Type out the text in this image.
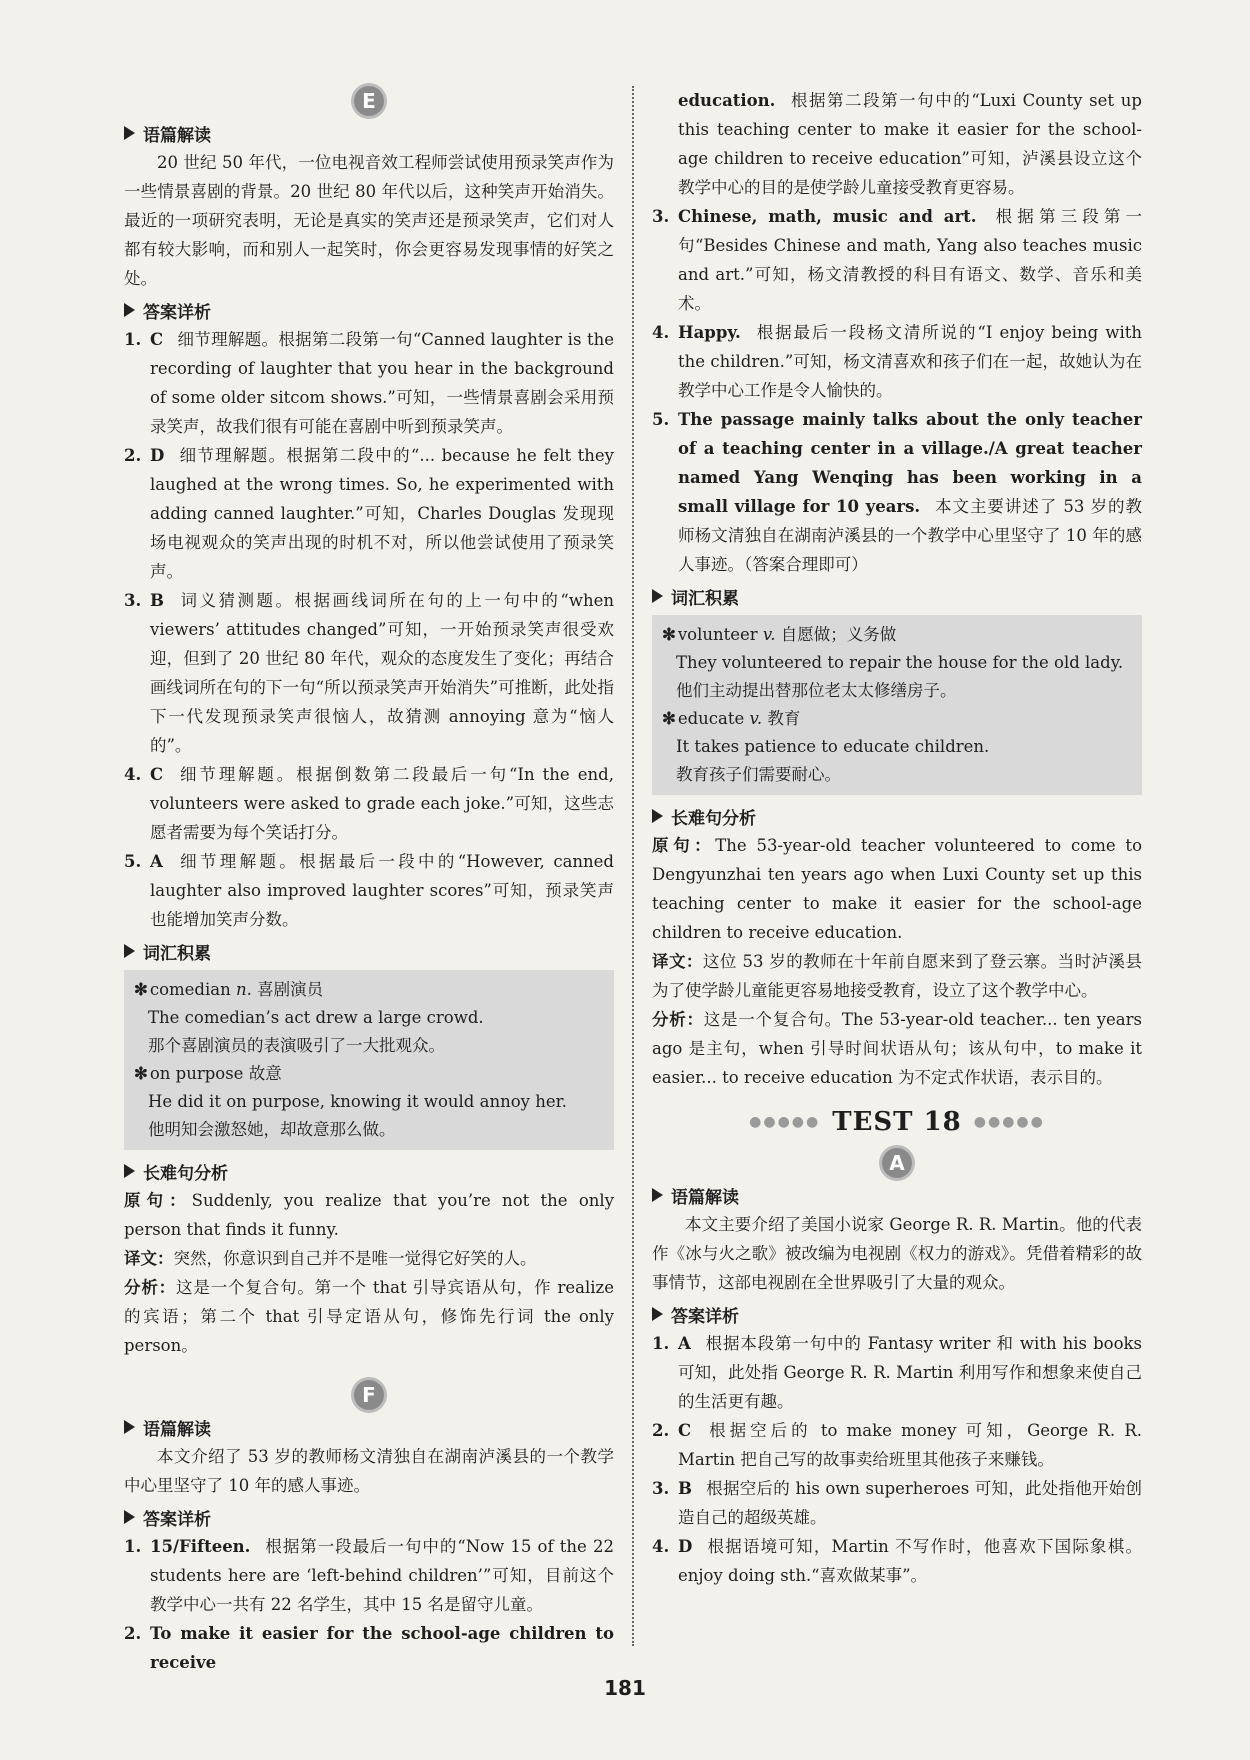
E
语篇解读

20 世纪 50 年代，一位电视音效工程师尝试使用预录笑声作为一些情景喜剧的背景。20 世纪 80 年代以后，这种笑声开始消失。最近的一项研究表明，无论是真实的笑声还是预录笑声，它们对人都有较大影响，而和别人一起笑时，你会更容易发现事情的好笑之处。

答案详析
1. C 细节理解题。根据第二段第一句“Canned laughter is the recording of laughter that you hear in the background of some older sitcom shows.”可知，一些情景喜剧会采用预录笑声，故我们很有可能在喜剧中听到预录笑声。
2. D 细节理解题。根据第二段中的“... because he felt they laughed at the wrong times. So, he experimented with adding canned laughter.”可知，Charles Douglas 发现现场电视观众的笑声出现的时机不对，所以他尝试使用了预录笑声。
3. B 词义猜测题。根据画线词所在句的上一句中的“when viewers’ attitudes changed”可知，一开始预录笑声很受欢迎，但到了 20 世纪 80 年代，观众的态度发生了变化；再结合画线词所在句的下一句“所以预录笑声开始消失”可推断，此处指下一代发现预录笑声很恼人，故猜测 annoying 意为“恼人的”。
4. C 细节理解题。根据倒数第二段最后一句“In the end, volunteers were asked to grade each joke.”可知，这些志愿者需要为每个笑话打分。
5. A 细节理解题。根据最后一段中的“However, canned laughter also improved laughter scores”可知，预录笑声也能增加笑声分数。
词汇积累

✻ comedian n. 喜剧演员

The comedian’s act drew a large crowd.

那个喜剧演员的表演吸引了一大批观众。

✻ on purpose 故意

He did it on purpose, knowing it would annoy her.

他明知会激怒她，却故意那么做。

长难句分析

原句：Suddenly, you realize that you’re not the only person that finds it funny.

译文：突然，你意识到自己并不是唯一觉得它好笑的人。

分析：这是一个复合句。第一个 that 引导宾语从句，作 realize 的宾语；第二个 that 引导定语从句，修饰先行词 the only person。

F
语篇解读

本文介绍了 53 岁的教师杨文清独自在湖南泸溪县的一个教学中心里坚守了 10 年的感人事迹。

答案详析
1. 15/Fifteen. 根据第一段最后一句中的“Now 15 of the 22 students here are ‘left-behind children’”可知，目前这个教学中心一共有 22 名学生，其中 15 名是留守儿童。
2. To make it easier for the school-age children to receive
education. 根据第二段第一句中的“Luxi County set up this teaching center to make it easier for the school-age children to receive education”可知，泸溪县设立这个教学中心的目的是使学龄儿童接受教育更容易。
3. Chinese, math, music and art. 根据第三段第一句“Besides Chinese and math, Yang also teaches music and art.”可知，杨文清教授的科目有语文、数学、音乐和美术。
4. Happy. 根据最后一段杨文清所说的“I enjoy being with the children.”可知，杨文清喜欢和孩子们在一起，故她认为在教学中心工作是令人愉快的。
5. The passage mainly talks about the only teacher of a teaching center in a village./A great teacher named Yang Wenqing has been working in a small village for 10 years. 本文主要讲述了 53 岁的教师杨文清独自在湖南泸溪县的一个教学中心里坚守了 10 年的感人事迹。（答案合理即可）
词汇积累

✻ volunteer v. 自愿做；义务做

They volunteered to repair the house for the old lady.

他们主动提出替那位老太太修缮房子。

✻ educate v. 教育

It takes patience to educate children.

教育孩子们需要耐心。

长难句分析

原句：The 53-year-old teacher volunteered to come to Dengyunzhai ten years ago when Luxi County set up this teaching center to make it easier for the school-age children to receive education.

译文：这位 53 岁的教师在十年前自愿来到了登云寨。当时泸溪县为了使学龄儿童能更容易地接受教育，设立了这个教学中心。

分析：这是一个复合句。The 53-year-old teacher... ten years ago 是主句，when 引导时间状语从句；该从句中，to make it easier... to receive education 为不定式作状语，表示目的。

●●●●● TEST 18 ●●●●●
A
语篇解读

本文主要介绍了美国小说家 George R. R. Martin。他的代表作《冰与火之歌》被改编为电视剧《权力的游戏》。凭借着精彩的故事情节，这部电视剧在全世界吸引了大量的观众。

答案详析
1. A 根据本段第一句中的 Fantasy writer 和 with his books 可知，此处指 George R. R. Martin 利用写作和想象来使自己的生活更有趣。
2. C 根据空后的 to make money 可知，George R. R. Martin 把自己写的故事卖给班里其他孩子来赚钱。
3. B 根据空后的 his own superheroes 可知，此处指他开始创造自己的超级英雄。
4. D 根据语境可知，Martin 不写作时，他喜欢下国际象棋。enjoy doing sth.“喜欢做某事”。
181
